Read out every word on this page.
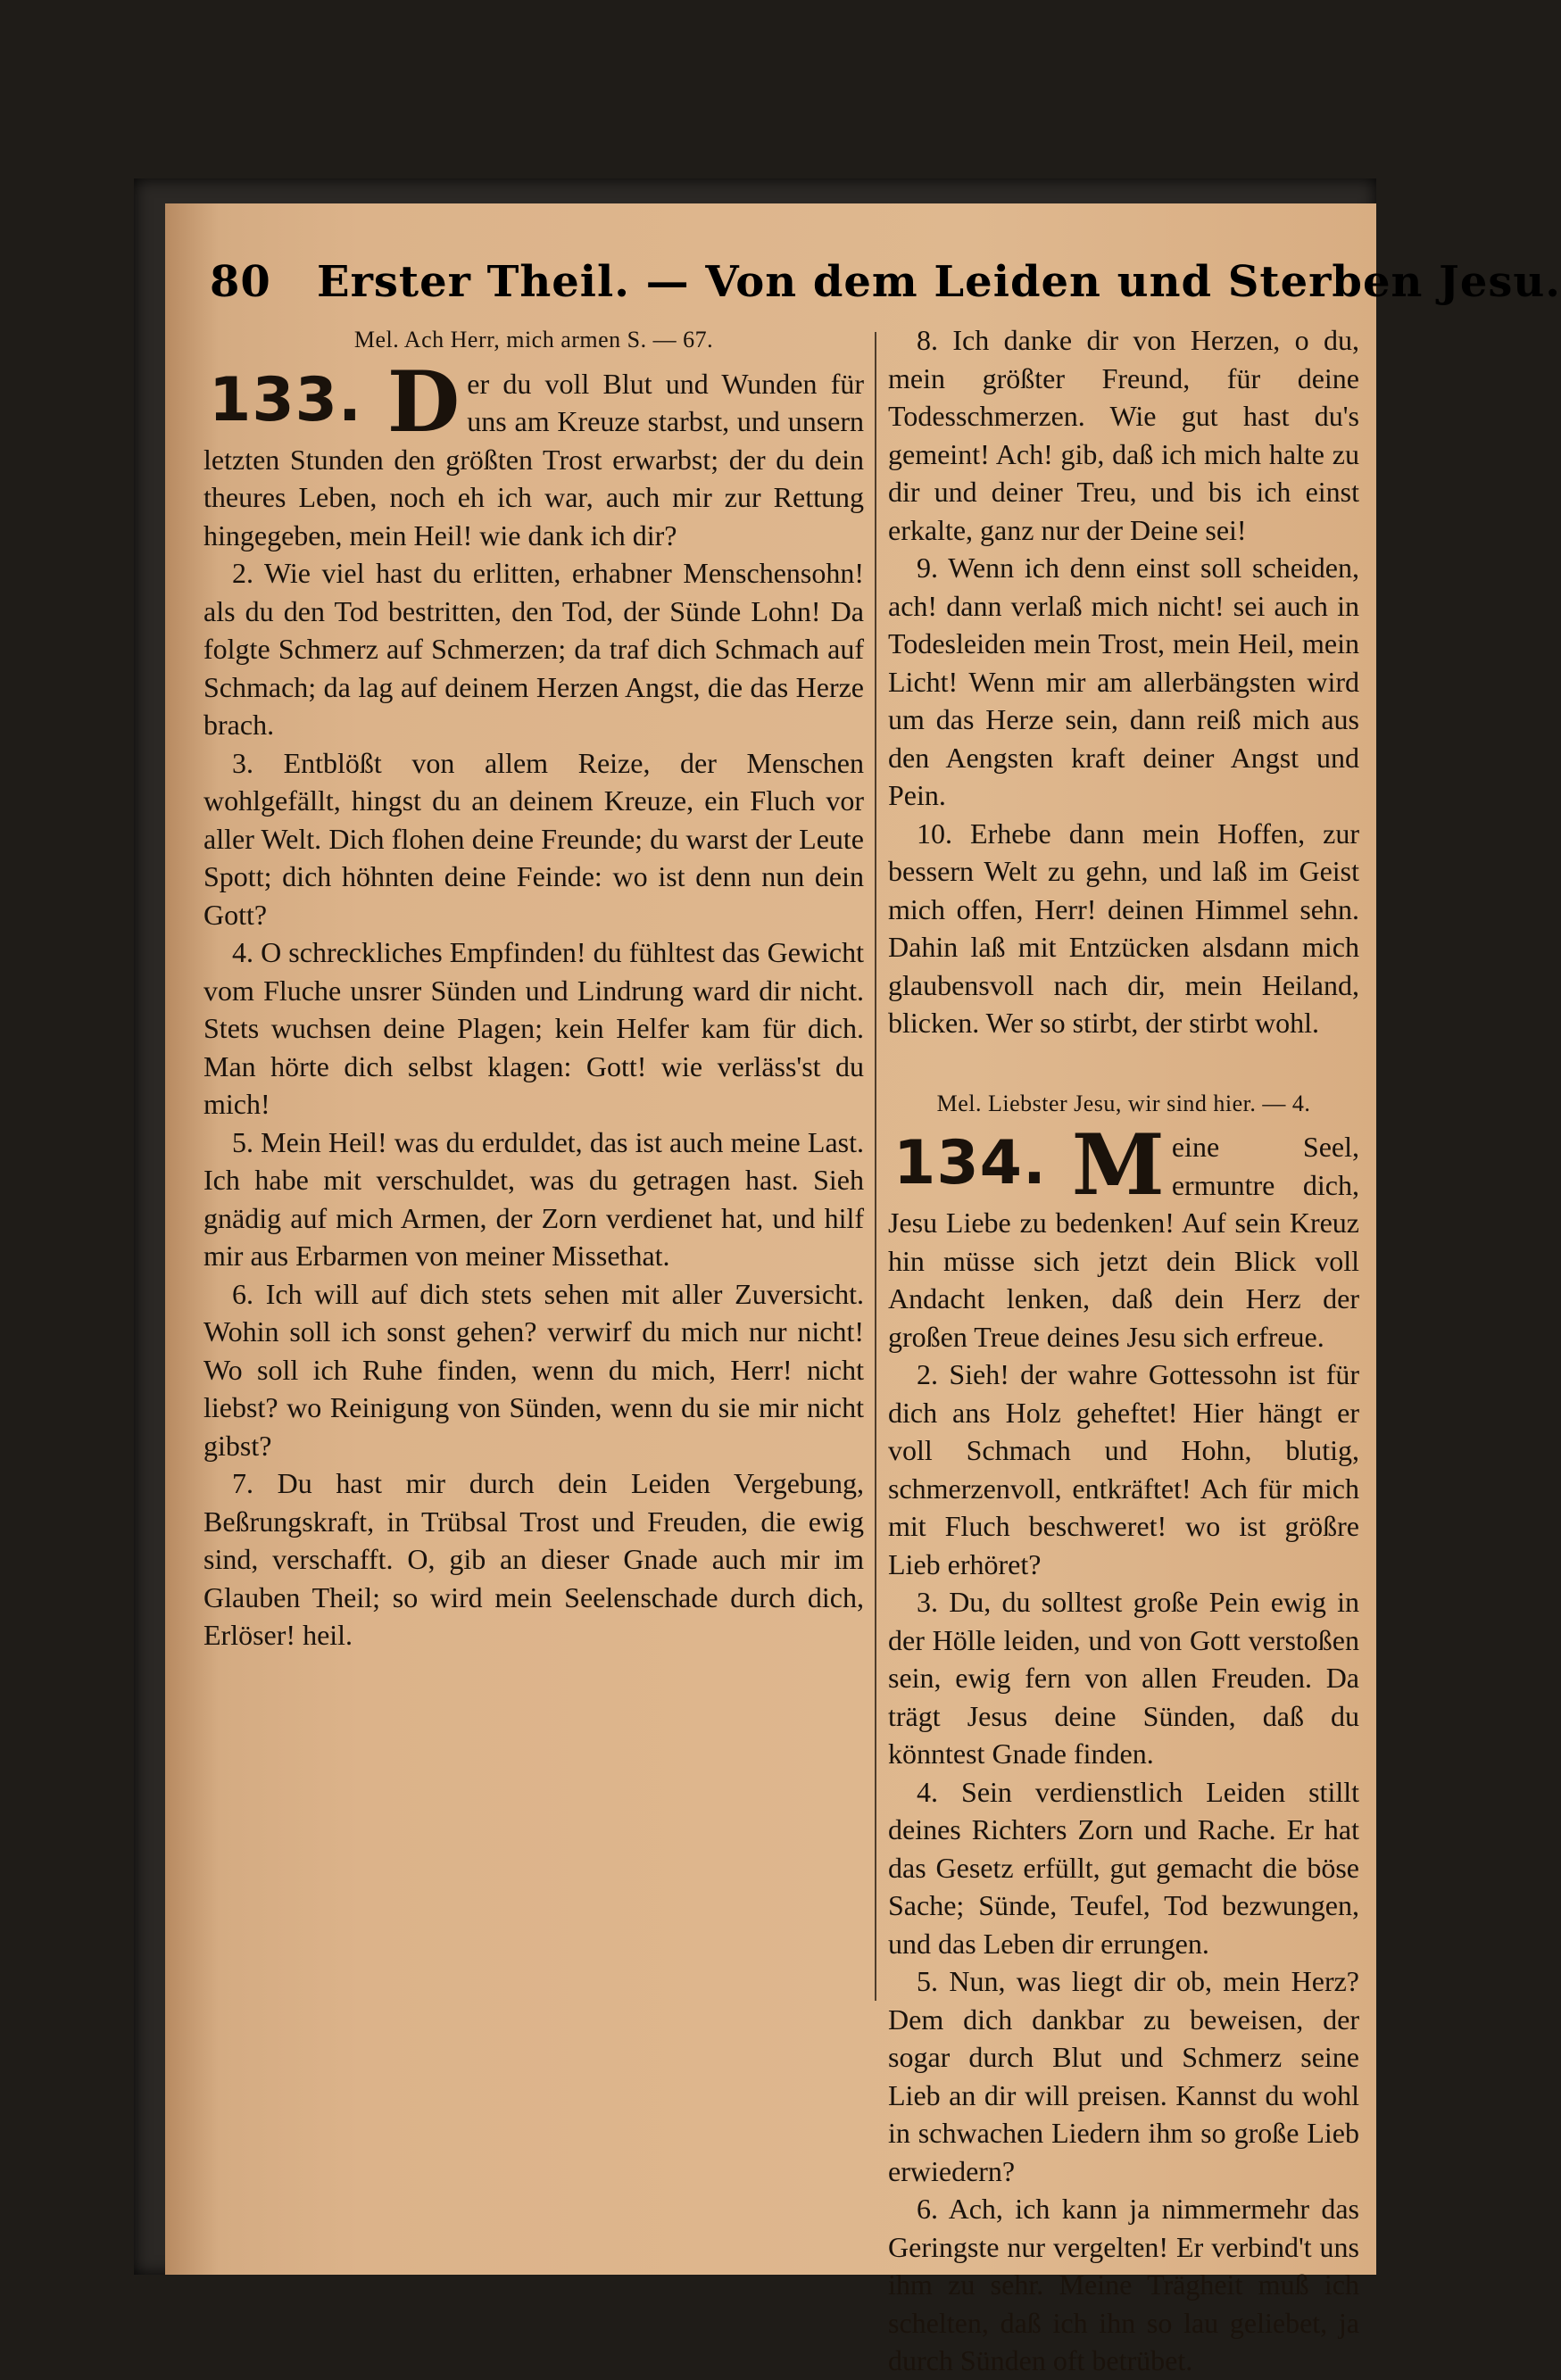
80 Erster Theil. — Von dem Leiden und Sterben Jesu.
Mel. Ach Herr, mich armen S. — 67.
133. D er du voll Blut und Wunden für uns am Kreuze starbst, und unsern letzten Stunden den größten Trost erwarbst; der du dein theures Leben, noch eh ich war, auch mir zur Rettung hingegeben, mein Heil! wie dank ich dir?

2. Wie viel hast du erlitten, erhabner Menschensohn! als du den Tod bestritten, den Tod, der Sünde Lohn! Da folgte Schmerz auf Schmerzen; da traf dich Schmach auf Schmach; da lag auf deinem Herzen Angst, die das Herze brach.

3. Entblößt von allem Reize, der Menschen wohlgefällt, hingst du an deinem Kreuze, ein Fluch vor aller Welt. Dich flohen deine Freunde; du warst der Leute Spott; dich höhnten deine Feinde: wo ist denn nun dein Gott?

4. O schreckliches Empfinden! du fühltest das Gewicht vom Fluche unsrer Sünden und Lindrung ward dir nicht. Stets wuchsen deine Plagen; kein Helfer kam für dich. Man hörte dich selbst klagen: Gott! wie verläss'st du mich!

5. Mein Heil! was du erduldet, das ist auch meine Last. Ich habe mit verschuldet, was du getragen hast. Sieh gnädig auf mich Armen, der Zorn verdienet hat, und hilf mir aus Erbarmen von meiner Missethat.

6. Ich will auf dich stets sehen mit aller Zuversicht. Wohin soll ich sonst gehen? verwirf du mich nur nicht! Wo soll ich Ruhe finden, wenn du mich, Herr! nicht liebst? wo Reinigung von Sünden, wenn du sie mir nicht gibst?

7. Du hast mir durch dein Leiden Vergebung, Beßrungskraft, in Trübsal Trost und Freuden, die ewig sind, verschafft. O, gib an dieser Gnade auch mir im Glauben Theil; so wird mein Seelenschade durch dich, Erlöser! heil.

8. Ich danke dir von Herzen, o du, mein größter Freund, für deine Todesschmerzen. Wie gut hast du's gemeint! Ach! gib, daß ich mich halte zu dir und deiner Treu, und bis ich einst erkalte, ganz nur der Deine sei!

9. Wenn ich denn einst soll scheiden, ach! dann verlaß mich nicht! sei auch in Todesleiden mein Trost, mein Heil, mein Licht! Wenn mir am allerbängsten wird um das Herze sein, dann reiß mich aus den Aengsten kraft deiner Angst und Pein.

10. Erhebe dann mein Hoffen, zur bessern Welt zu gehn, und laß im Geist mich offen, Herr! deinen Himmel sehn. Dahin laß mit Entzücken alsdann mich glaubensvoll nach dir, mein Heiland, blicken. Wer so stirbt, der stirbt wohl.

Mel. Liebster Jesu, wir sind hier. — 4.
134. M eine Seel, ermuntre dich, Jesu Liebe zu bedenken! Auf sein Kreuz hin müsse sich jetzt dein Blick voll Andacht lenken, daß dein Herz der großen Treue deines Jesu sich erfreue.

2. Sieh! der wahre Gottessohn ist für dich ans Holz geheftet! Hier hängt er voll Schmach und Hohn, blutig, schmerzenvoll, entkräftet! Ach für mich mit Fluch beschweret! wo ist größre Lieb erhöret?

3. Du, du solltest große Pein ewig in der Hölle leiden, und von Gott verstoßen sein, ewig fern von allen Freuden. Da trägt Jesus deine Sünden, daß du könntest Gnade finden.

4. Sein verdienstlich Leiden stillt deines Richters Zorn und Rache. Er hat das Gesetz erfüllt, gut gemacht die böse Sache; Sünde, Teufel, Tod bezwungen, und das Leben dir errungen.

5. Nun, was liegt dir ob, mein Herz? Dem dich dankbar zu beweisen, der sogar durch Blut und Schmerz seine Lieb an dir will preisen. Kannst du wohl in schwachen Liedern ihm so große Lieb erwiedern?

6. Ach, ich kann ja nimmermehr das Geringste nur vergelten! Er verbind't uns ihm zu sehr. Meine Trägheit muß ich schelten, daß ich ihn so lau geliebet, ja durch Sünden oft betrübet.
